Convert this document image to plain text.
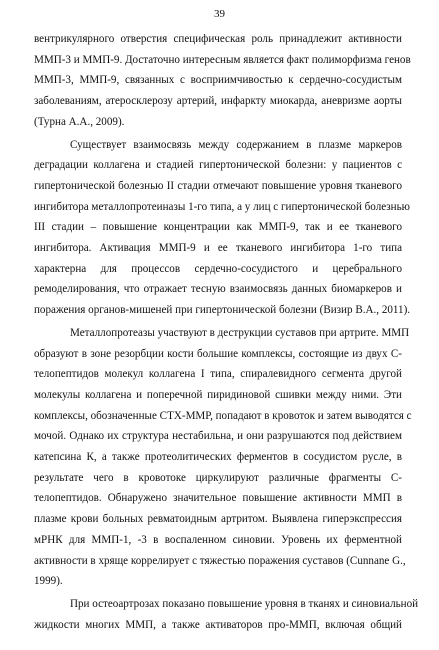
39
вентрикулярного отверстия специфическая роль принадлежит активности
ММП-3 и ММП-9. Достаточно интересным является факт полиморфизма генов
ММП-3, ММП-9, связанных с восприимчивостью к сердечно-сосудистым
заболеваниям, атеросклерозу артерий, инфаркту миокарда, аневризме аорты
(Турна А.А., 2009).
Существует взаимосвязь между содержанием в плазме маркеров
деградации коллагена и стадией гипертонической болезни: у пациентов с
гипертонической болезнью II стадии отмечают повышение уровня тканевого
ингибитора металлопротеиназы 1-го типа, а у лиц с гипертонической болезнью
III стадии – повышение концентрации как ММП-9, так и ее тканевого
ингибитора. Активация ММП-9 и ее тканевого ингибитора 1-го типа
характерна для процессов сердечно-сосудистого и церебрального
ремоделирования, что отражает тесную взаимосвязь данных биомаркеров и
поражения органов-мишеней при гипертонической болезни (Визир В.А., 2011).
Металлопротеазы участвуют в деструкции суставов при артрите. ММП
образуют в зоне резорбции кости большие комплексы, состоящие из двух С-
телопептидов молекул коллагена I типа, спиралевидного сегмента другой
молекулы коллагена и поперечной пиридиновой сшивки между ними. Эти
комплексы, обозначенные СТХ-ММР, попадают в кровоток и затем выводятся с
мочой. Однако их структура нестабильна, и они разрушаются под действием
катепсина К, а также протеолитических ферментов в сосудистом русле, в
результате чего в кровотоке циркулируют различные фрагменты С-
телопептидов. Обнаружено значительное повышение активности ММП в
плазме крови больных ревматоидным артритом. Выявлена гиперэкспрессия
мРНК для ММП-1, -3 в воспаленном синовии. Уровень их ферментной
активности в хряще коррелирует с тяжестью поражения суставов (Cunnane G.,
1999).
При остеоартрозах показано повышение уровня в тканях и синовиальной
жидкости многих ММП, а также активаторов про-ММП, включая общий
